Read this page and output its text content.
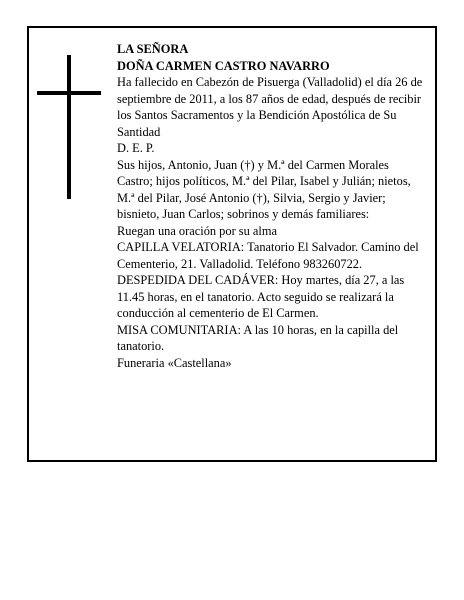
LA SEÑORA

DOÑA CARMEN CASTRO NAVARRO

Ha fallecido en Cabezón de Pisuerga (Valladolid) el día 26 de septiembre de 2011, a los 87 años de edad, después de recibir los Santos Sacramentos y la Bendición Apostólica de Su Santidad

D. E. P.

Sus hijos, Antonio, Juan (†) y M.ª del Carmen Morales Castro; hijos políticos, M.ª del Pilar, Isabel y Julián; nietos, M.ª del Pilar, José Antonio (†), Silvia, Sergio y Javier; bisnieto, Juan Carlos; sobrinos y demás familiares:

Ruegan una oración por su alma

CAPILLA VELATORIA: Tanatorio El Salvador. Camino del Cementerio, 21. Valladolid. Teléfono 983260722.

DESPEDIDA DEL CADÁVER: Hoy martes, día 27, a las 11.45 horas, en el tanatorio. Acto seguido se realizará la conducción al cementerio de El Carmen.

MISA COMUNITARIA: A las 10 horas, en la capilla del tanatorio.

Funeraria «Castellana»
